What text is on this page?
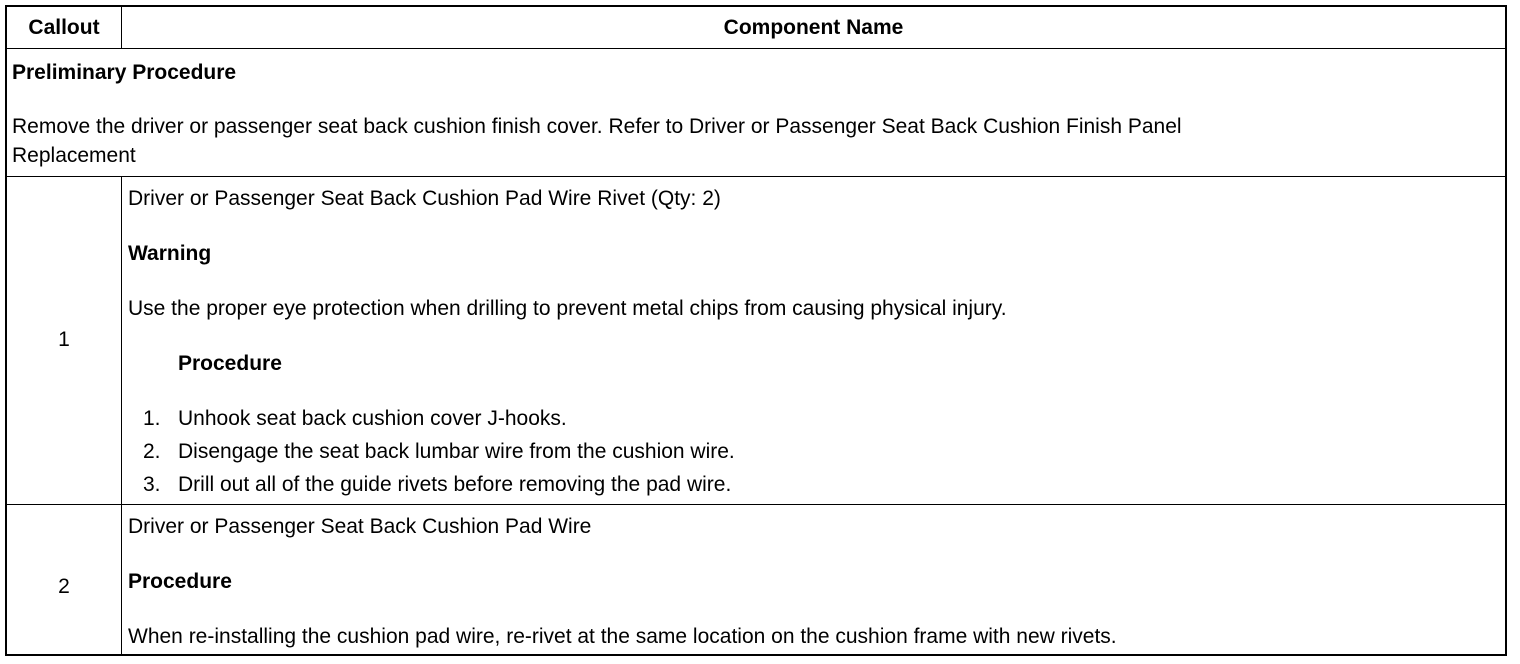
Callout	Component Name
Preliminary Procedure
Remove the driver or passenger seat back cushion finish cover. Refer to Driver or Passenger Seat Back Cushion Finish Panel
Replacement
1
Driver or Passenger Seat Back Cushion Pad Wire Rivet (Qty: 2)
Warning
Use the proper eye protection when drilling to prevent metal chips from causing physical injury.
Procedure
1. Unhook seat back cushion cover J-hooks.
2. Disengage the seat back lumbar wire from the cushion wire.
3. Drill out all of the guide rivets before removing the pad wire.
2
Driver or Passenger Seat Back Cushion Pad Wire
Procedure
When re-installing the cushion pad wire, re-rivet at the same location on the cushion frame with new rivets.
